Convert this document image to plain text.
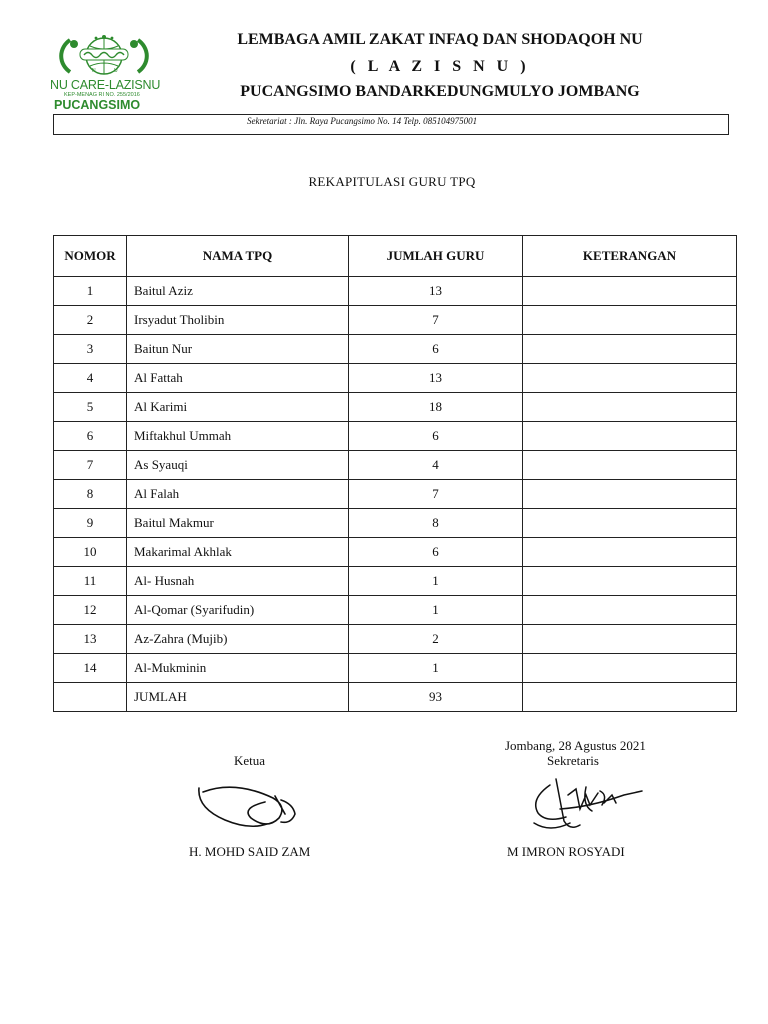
N	U
NU CARE-LAZISNU
KEP-MENAG RI NO. 255/2016
PUCANGSIMO
LEMBAGA AMIL ZAKAT INFAQ DAN SHODAQOH NU
( L A Z I S N U )
PUCANGSIMO BANDARKEDUNGMULYO JOMBANG
Sekretariat : Jln. Raya Pucangsimo No. 14 Telp. 085104975001
REKAPITULASI GURU TPQ
NOMOR	NAMA TPQ	JUMLAH GURU	KETERANGAN
1	Baitul Aziz	13	
2	Irsyadut Tholibin	7	
3	Baitun Nur	6	
4	Al Fattah	13	
5	Al Karimi	18	
6	Miftakhul Ummah	6	
7	As Syauqi	4	
8	Al Falah	7	
9	Baitul Makmur	8	
10	Makarimal Akhlak	6	
11	Al- Husnah	1	
12	Al-Qomar (Syarifudin)	1	
13	Az-Zahra (Mujib)	2	
14	Al-Mukminin	1	
	JUMLAH	93	
Jombang, 28 Agustus 2021
Ketua	Sekretaris
H. MOHD SAID ZAM	M IMRON ROSYADI
